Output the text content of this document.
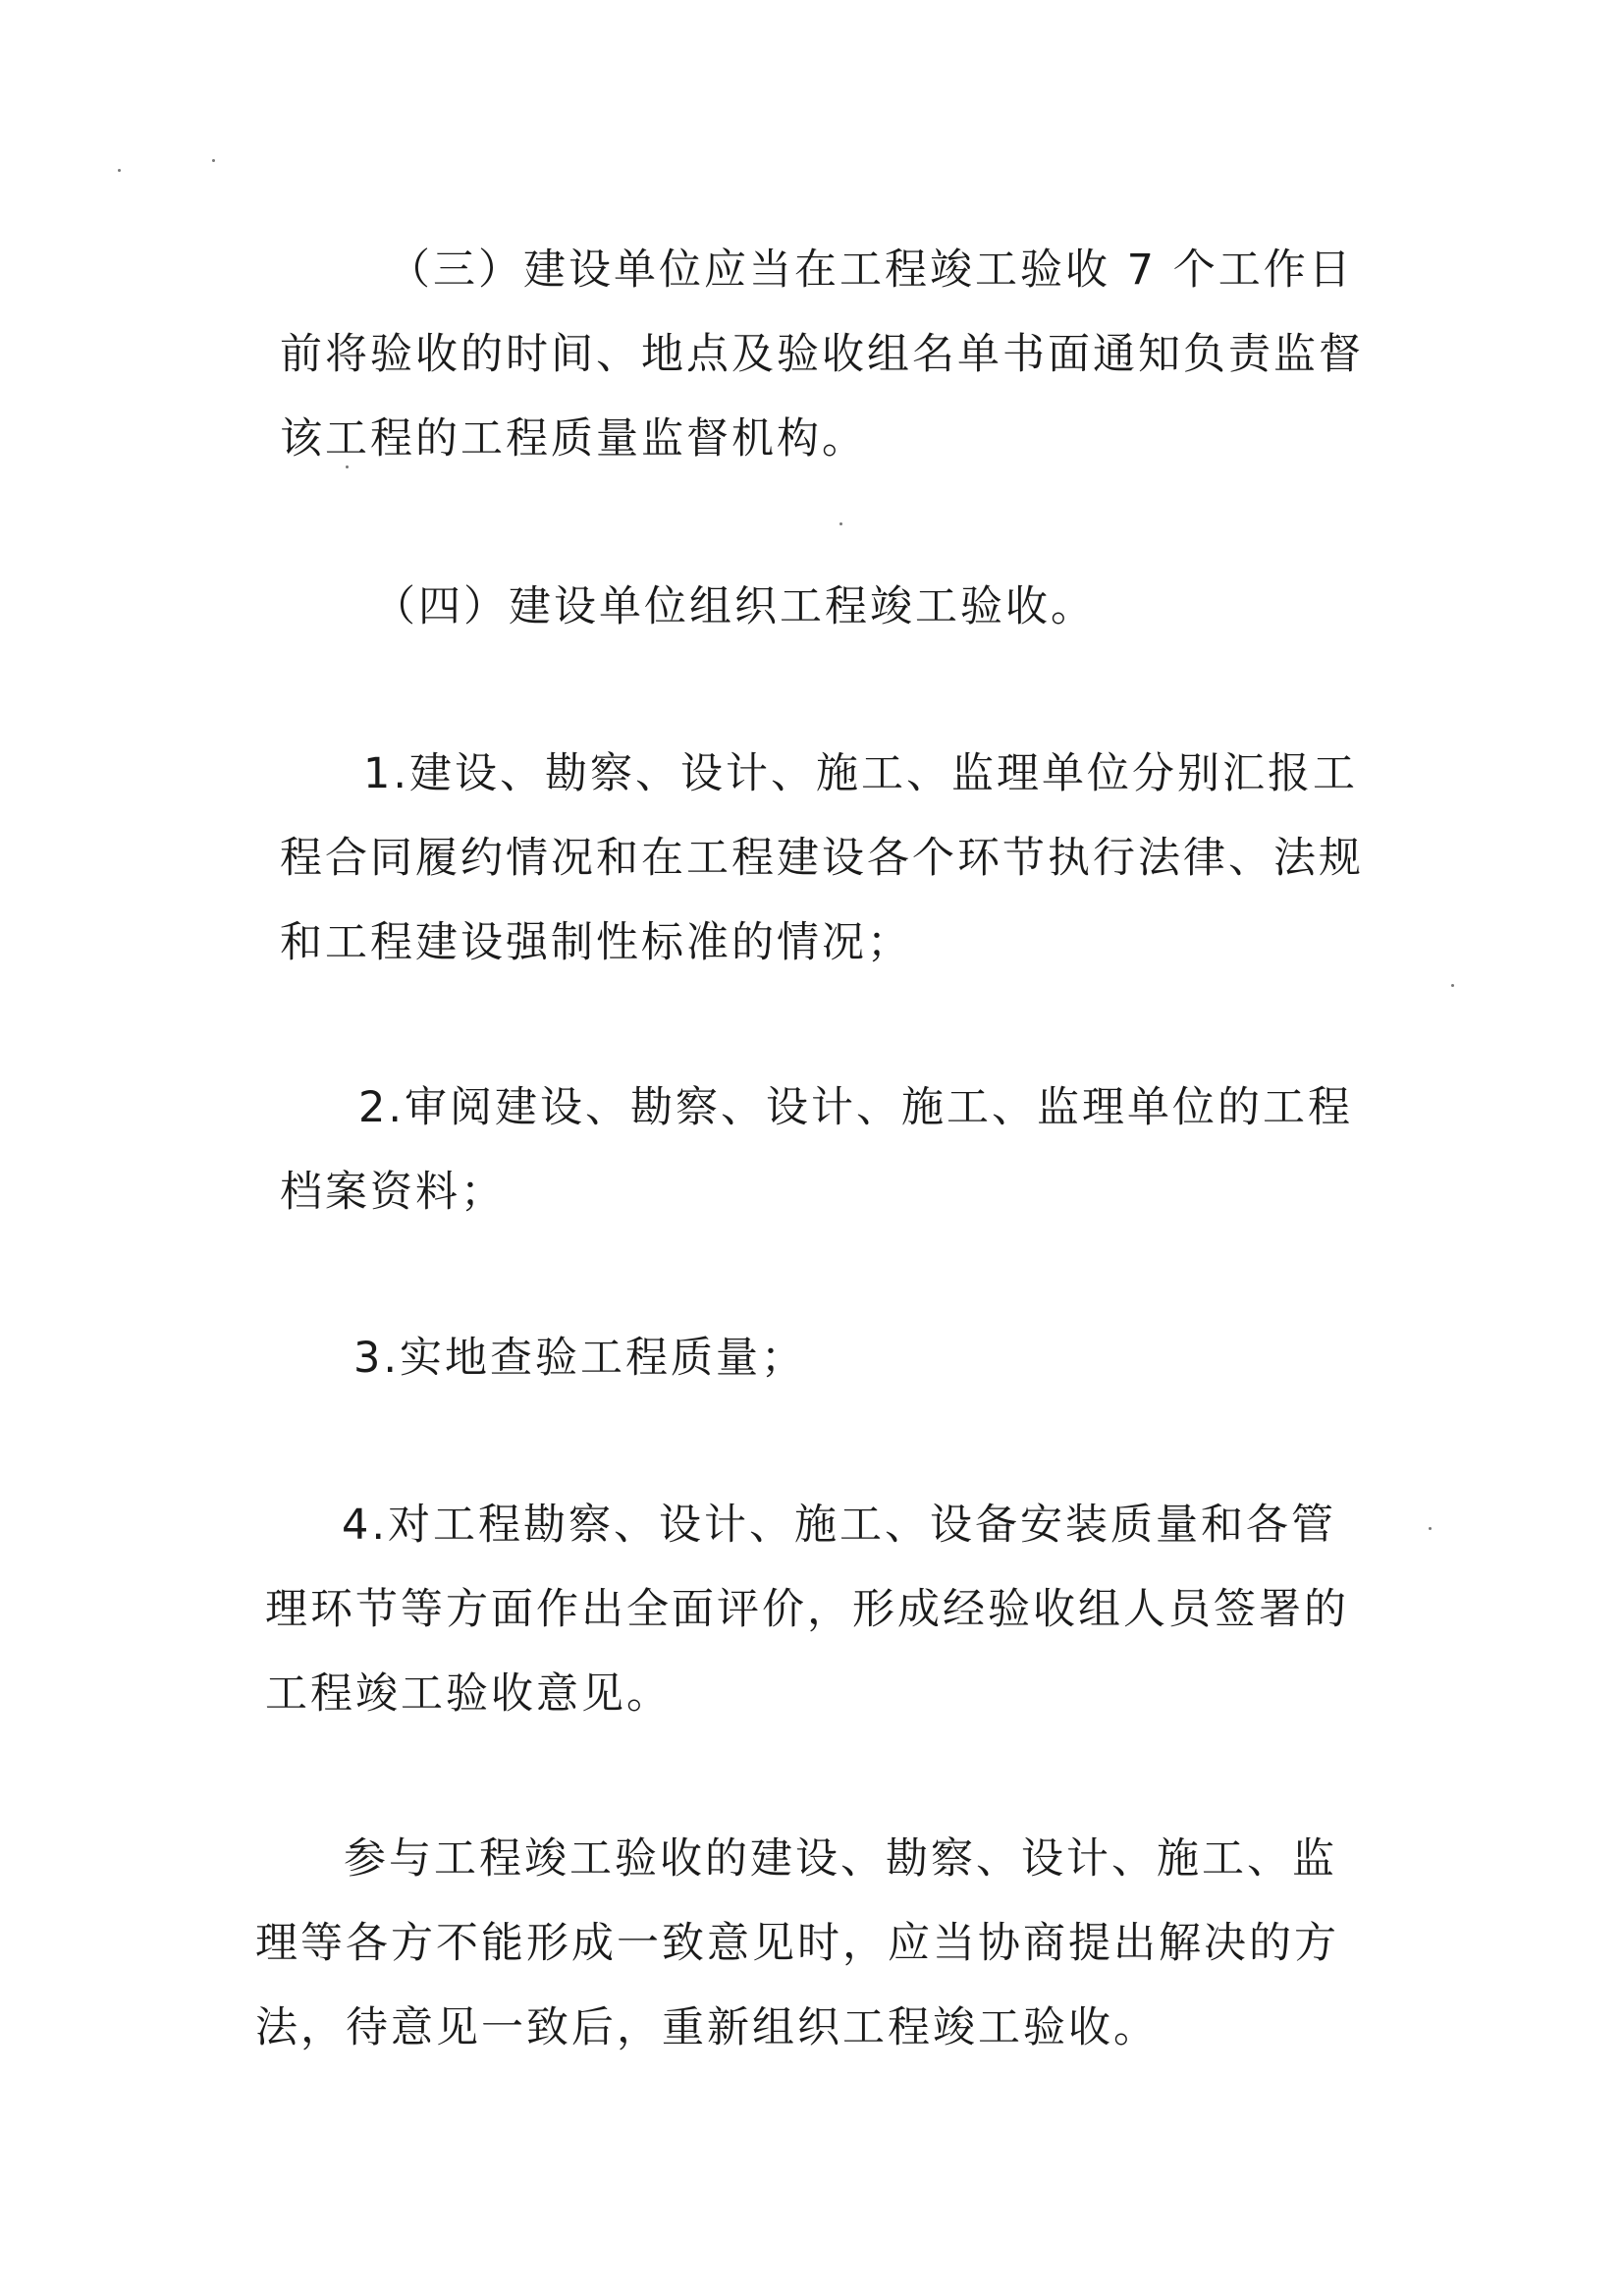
（三）建设单位应当在工程竣工验收 7 个工作日前将验收的时间、地点及验收组名单书面通知负责监督该工程的工程质量监督机构。

（四）建设单位组织工程竣工验收。

1.建设、勘察、设计、施工、监理单位分别汇报工程合同履约情况和在工程建设各个环节执行法律、法规和工程建设强制性标准的情况；

2.审阅建设、勘察、设计、施工、监理单位的工程档案资料；

3.实地查验工程质量；

4.对工程勘察、设计、施工、设备安装质量和各管理环节等方面作出全面评价，形成经验收组人员签署的工程竣工验收意见。

参与工程竣工验收的建设、勘察、设计、施工、监理等各方不能形成一致意见时，应当协商提出解决的方法，待意见一致后，重新组织工程竣工验收。
